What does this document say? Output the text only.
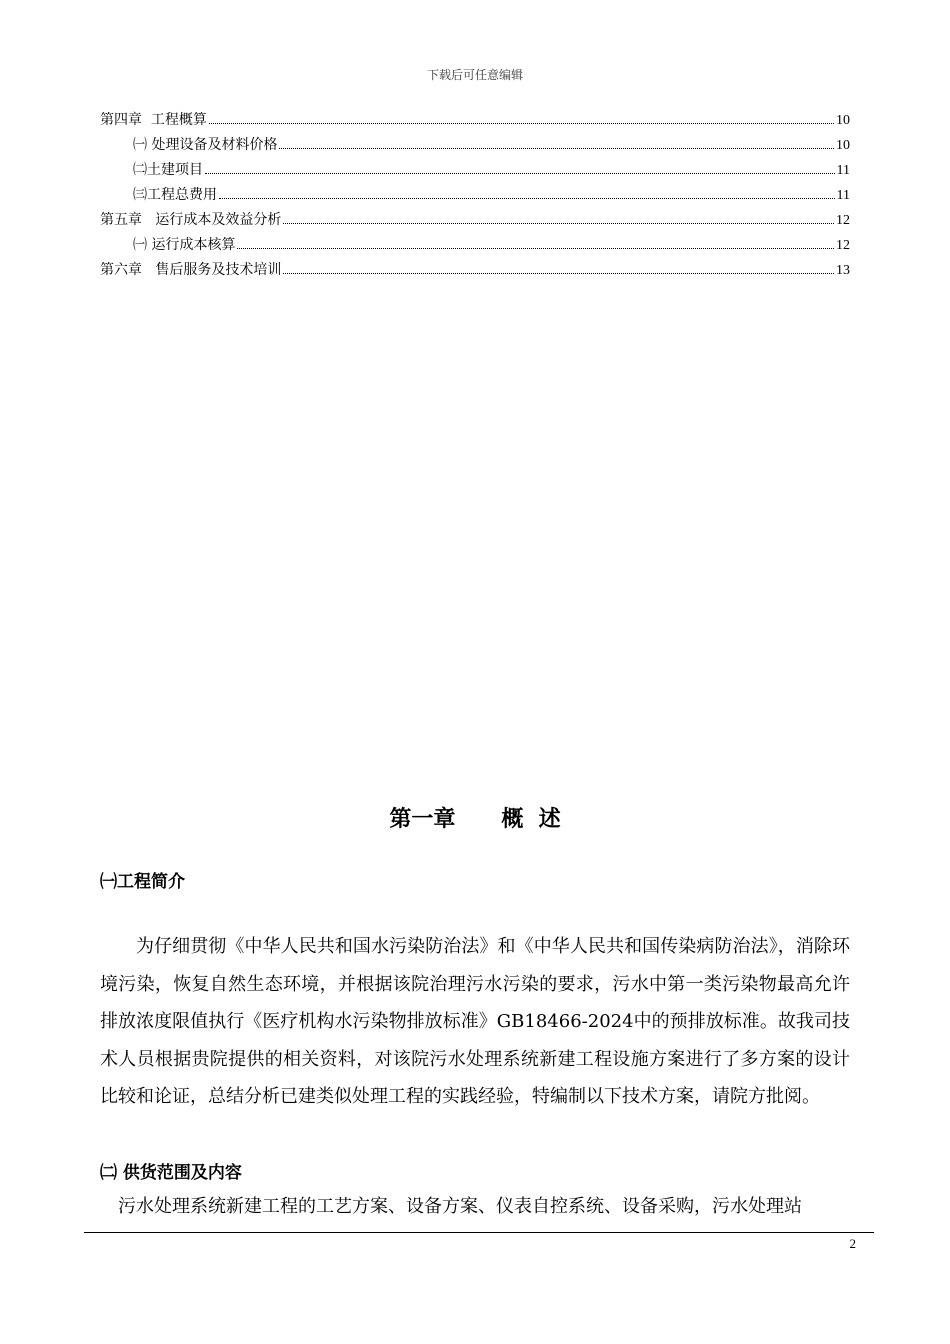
下载后可任意编辑
第四章  工程概算	10
㈠ 处理设备及材料价格	10
㈡土建项目	11
㈢工程总费用	11
第五章   运行成本及效益分析	12
㈠ 运行成本核算	12
第六章   售后服务及技术培训	13
第一章      概  述
㈠工程简介
为仔细贯彻《中华人民共和国水污染防治法》和《中华人民共和国传染病防治法》，消除环境污染，恢复自然生态环境，并根据该院治理污水污染的要求，污水中第一类污染物最高允许排放浓度限值执行《医疗机构水污染物排放标准》GB18466-2024中的预排放标准。故我司技术人员根据贵院提供的相关资料，对该院污水处理系统新建工程设施方案进行了多方案的设计比较和论证，总结分析已建类似处理工程的实践经验，特编制以下技术方案，请院方批阅。
㈡ 供货范围及内容
污水处理系统新建工程的工艺方案、设备方案、仪表自控系统、设备采购，污水处理站
2
